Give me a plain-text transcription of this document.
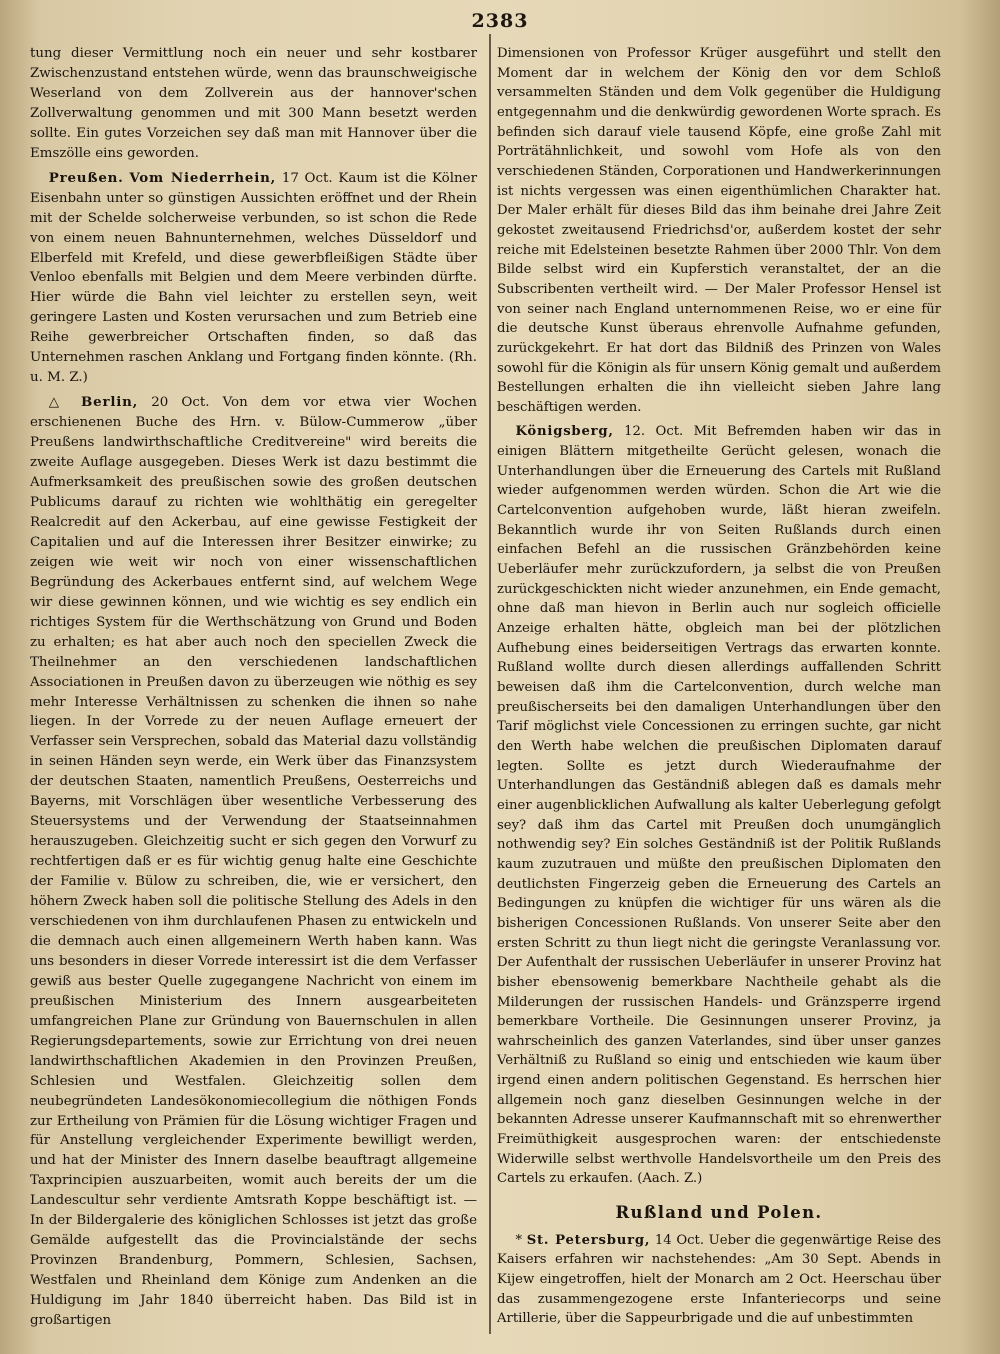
2383

tung dieser Vermittlung noch ein neuer und sehr kostbarer Zwischenzustand entstehen würde, wenn das braunschweigische Weserland von dem Zollverein aus der hannover'schen Zollverwaltung genommen und mit 300 Mann besetzt werden sollte. Ein gutes Vorzeichen sey daß man mit Hannover über die Emszölle eins geworden.

Preußen. Vom Niederrhein, 17 Oct. Kaum ist die Kölner Eisenbahn unter so günstigen Aussichten eröffnet und der Rhein mit der Schelde solcherweise verbunden, so ist schon die Rede von einem neuen Bahnunternehmen, welches Düsseldorf und Elberfeld mit Krefeld, und diese gewerbfleißigen Städte über Venloo ebenfalls mit Belgien und dem Meere verbinden dürfte. Hier würde die Bahn viel leichter zu erstellen seyn, weit geringere Lasten und Kosten verursachen und zum Betrieb eine Reihe gewerbreicher Ortschaften finden, so daß das Unternehmen raschen Anklang und Fortgang finden könnte. (Rh. u. M. Z.)

△ Berlin, 20 Oct. Von dem vor etwa vier Wochen erschienenen Buche des Hrn. v. Bülow-Cummerow „über Preußens landwirthschaftliche Creditvereine" wird bereits die zweite Auflage ausgegeben. Dieses Werk ist dazu bestimmt die Aufmerksamkeit des preußischen sowie des großen deutschen Publicums darauf zu richten wie wohlthätig ein geregelter Realcredit auf den Ackerbau, auf eine gewisse Festigkeit der Capitalien und auf die Interessen ihrer Besitzer einwirke; zu zeigen wie weit wir noch von einer wissenschaftlichen Begründung des Ackerbaues entfernt sind, auf welchem Wege wir diese gewinnen können, und wie wichtig es sey endlich ein richtiges System für die Werthschätzung von Grund und Boden zu erhalten; es hat aber auch noch den speciellen Zweck die Theilnehmer an den verschiedenen landschaftlichen Associationen in Preußen davon zu überzeugen wie nöthig es sey mehr Interesse Verhältnissen zu schenken die ihnen so nahe liegen. In der Vorrede zu der neuen Auflage erneuert der Verfasser sein Versprechen, sobald das Material dazu vollständig in seinen Händen seyn werde, ein Werk über das Finanzsystem der deutschen Staaten, namentlich Preußens, Oesterreichs und Bayerns, mit Vorschlägen über wesentliche Verbesserung des Steuersystems und der Verwendung der Staatseinnahmen herauszugeben. Gleichzeitig sucht er sich gegen den Vorwurf zu rechtfertigen daß er es für wichtig genug halte eine Geschichte der Familie v. Bülow zu schreiben, die, wie er versichert, den höhern Zweck haben soll die politische Stellung des Adels in den verschiedenen von ihm durchlaufenen Phasen zu entwickeln und die demnach auch einen allgemeinern Werth haben kann. Was uns besonders in dieser Vorrede interessirt ist die dem Verfasser gewiß aus bester Quelle zugegangene Nachricht von einem im preußischen Ministerium des Innern ausgearbeiteten umfangreichen Plane zur Gründung von Bauernschulen in allen Regierungsdepartements, sowie zur Errichtung von drei neuen landwirthschaftlichen Akademien in den Provinzen Preußen, Schlesien und Westfalen. Gleichzeitig sollen dem neubegründeten Landesökonomiecollegium die nöthigen Fonds zur Ertheilung von Prämien für die Lösung wichtiger Fragen und für Anstellung vergleichender Experimente bewilligt werden, und hat der Minister des Innern daselbe beauftragt allgemeine Taxprincipien auszuarbeiten, womit auch bereits der um die Landescultur sehr verdiente Amtsrath Koppe beschäftigt ist. — In der Bildergalerie des königlichen Schlosses ist jetzt das große Gemälde aufgestellt das die Provincialstände der sechs Provinzen Brandenburg, Pommern, Schlesien, Sachsen, Westfalen und Rheinland dem Könige zum Andenken an die Huldigung im Jahr 1840 überreicht haben. Das Bild ist in großartigen

Dimensionen von Professor Krüger ausgeführt und stellt den Moment dar in welchem der König den vor dem Schloß versammelten Ständen und dem Volk gegenüber die Huldigung entgegennahm und die denkwürdig gewordenen Worte sprach. Es befinden sich darauf viele tausend Köpfe, eine große Zahl mit Porträtähnlichkeit, und sowohl vom Hofe als von den verschiedenen Ständen, Corporationen und Handwerkerinnungen ist nichts vergessen was einen eigenthümlichen Charakter hat. Der Maler erhält für dieses Bild das ihm beinahe drei Jahre Zeit gekostet zweitausend Friedrichsd'or, außerdem kostet der sehr reiche mit Edelsteinen besetzte Rahmen über 2000 Thlr. Von dem Bilde selbst wird ein Kupferstich veranstaltet, der an die Subscribenten vertheilt wird. — Der Maler Professor Hensel ist von seiner nach England unternommenen Reise, wo er eine für die deutsche Kunst überaus ehrenvolle Aufnahme gefunden, zurückgekehrt. Er hat dort das Bildniß des Prinzen von Wales sowohl für die Königin als für unsern König gemalt und außerdem Bestellungen erhalten die ihn vielleicht sieben Jahre lang beschäftigen werden.

Königsberg, 12. Oct. Mit Befremden haben wir das in einigen Blättern mitgetheilte Gerücht gelesen, wonach die Unterhandlungen über die Erneuerung des Cartels mit Rußland wieder aufgenommen werden würden. Schon die Art wie die Cartelconvention aufgehoben wurde, läßt hieran zweifeln. Bekanntlich wurde ihr von Seiten Rußlands durch einen einfachen Befehl an die russischen Gränzbehörden keine Ueberläufer mehr zurückzufordern, ja selbst die von Preußen zurückgeschickten nicht wieder anzunehmen, ein Ende gemacht, ohne daß man hievon in Berlin auch nur sogleich officielle Anzeige erhalten hätte, obgleich man bei der plötzlichen Aufhebung eines beiderseitigen Vertrags das erwarten konnte. Rußland wollte durch diesen allerdings auffallenden Schritt beweisen daß ihm die Cartelconvention, durch welche man preußischerseits bei den damaligen Unterhandlungen über den Tarif möglichst viele Concessionen zu erringen suchte, gar nicht den Werth habe welchen die preußischen Diplomaten darauf legten. Sollte es jetzt durch Wiederaufnahme der Unterhandlungen das Geständniß ablegen daß es damals mehr einer augenblicklichen Aufwallung als kalter Ueberlegung gefolgt sey? daß ihm das Cartel mit Preußen doch unumgänglich nothwendig sey? Ein solches Geständniß ist der Politik Rußlands kaum zuzutrauen und müßte den preußischen Diplomaten den deutlichsten Fingerzeig geben die Erneuerung des Cartels an Bedingungen zu knüpfen die wichtiger für uns wären als die bisherigen Concessionen Rußlands. Von unserer Seite aber den ersten Schritt zu thun liegt nicht die geringste Veranlassung vor. Der Aufenthalt der russischen Ueberläufer in unserer Provinz hat bisher ebensowenig bemerkbare Nachtheile gehabt als die Milderungen der russischen Handels- und Gränzsperre irgend bemerkbare Vortheile. Die Gesinnungen unserer Provinz, ja wahrscheinlich des ganzen Vaterlandes, sind über unser ganzes Verhältniß zu Rußland so einig und entschieden wie kaum über irgend einen andern politischen Gegenstand. Es herrschen hier allgemein noch ganz dieselben Gesinnungen welche in der bekannten Adresse unserer Kaufmannschaft mit so ehrenwerther Freimüthigkeit ausgesprochen waren: der entschiedenste Widerwille selbst werthvolle Handelsvortheile um den Preis des Cartels zu erkaufen. (Aach. Z.)

Rußland und Polen.

* St. Petersburg, 14 Oct. Ueber die gegenwärtige Reise des Kaisers erfahren wir nachstehendes: „Am 30 Sept. Abends in Kijew eingetroffen, hielt der Monarch am 2 Oct. Heerschau über das zusammengezogene erste Infanteriecorps und seine Artillerie, über die Sappeurbrigade und die auf unbestimmten
